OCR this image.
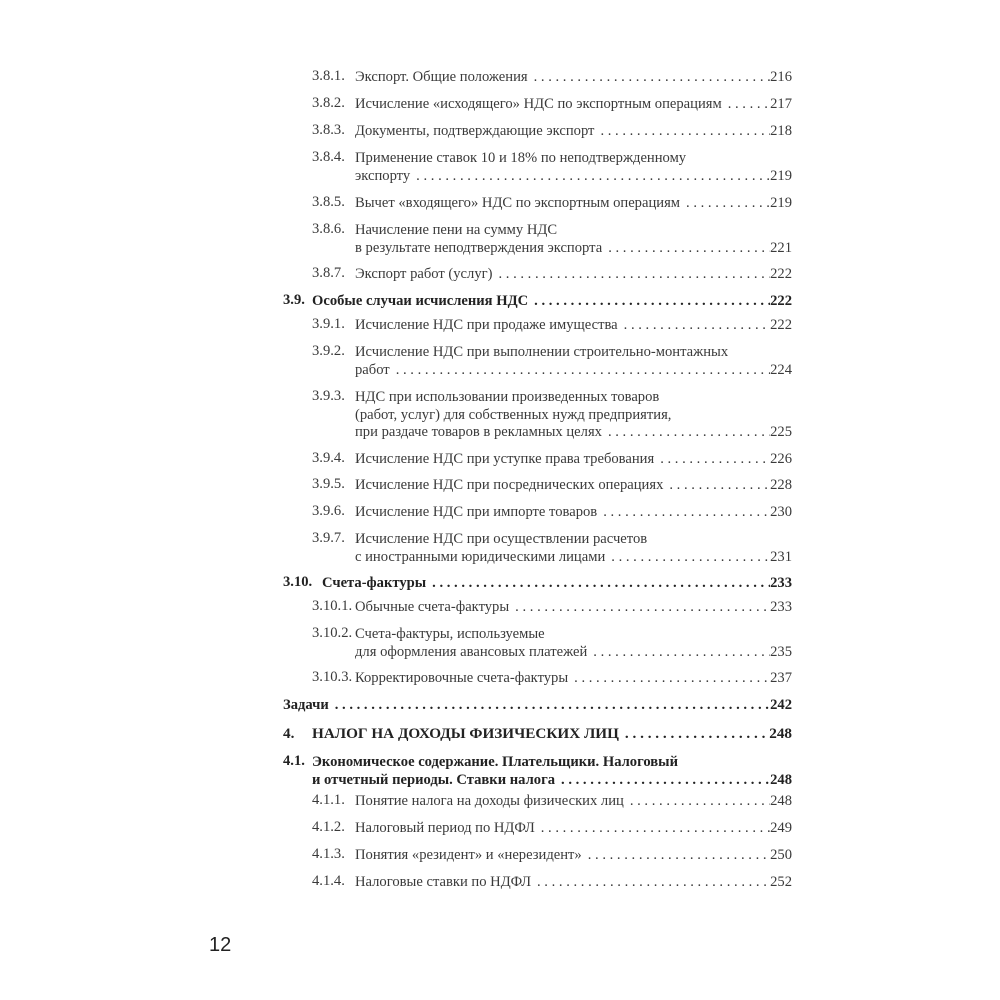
3.8.1. Экспорт. Общие положения . . .	216
3.8.2. Исчисление «исходящего» НДС по экспортным операциям . . .	217
3.8.3. Документы, подтверждающие экспорт . . .	218
3.8.4. Применение ставок 10 и 18% по неподтвержденному
экспорту . . .	219
3.8.5. Вычет «входящего» НДС по экспортным операциям . . .	219
3.8.6. Начисление пени на сумму НДС
в результате неподтверждения экспорта . . .	221
3.8.7. Экспорт работ (услуг) . . .	222
3.9. Особые случаи исчисления НДС . . .	222
3.9.1. Исчисление НДС при продаже имущества . . .	222
3.9.2. Исчисление НДС при выполнении строительно-монтажных
работ . . .	224
3.9.3. НДС при использовании произведенных товаров
(работ, услуг) для собственных нужд предприятия,
при раздаче товаров в рекламных целях . . .	225
3.9.4. Исчисление НДС при уступке права требования . . .	226
3.9.5. Исчисление НДС при посреднических операциях . . .	228
3.9.6. Исчисление НДС при импорте товаров . . .	230
3.9.7. Исчисление НДС при осуществлении расчетов
с иностранными юридическими лицами . . .	231
3.10. Счета-фактуры . . .	233
3.10.1. Обычные счета-фактуры . . .	233
3.10.2. Счета-фактуры, используемые
для оформления авансовых платежей . . .	235
3.10.3. Корректировочные счета-фактуры . . .	237
Задачи . . .	242
4. НАЛОГ НА ДОХОДЫ ФИЗИЧЕСКИХ ЛИЦ . . .	248
4.1. Экономическое содержание. Плательщики. Налоговый
и отчетный периоды. Ставки налога . . .	248
4.1.1. Понятие налога на доходы физических лиц . . .	248
4.1.2. Налоговый период по НДФЛ . . .	249
4.1.3. Понятия «резидент» и «нерезидент» . . .	250
4.1.4. Налоговые ставки по НДФЛ . . .	252
12
